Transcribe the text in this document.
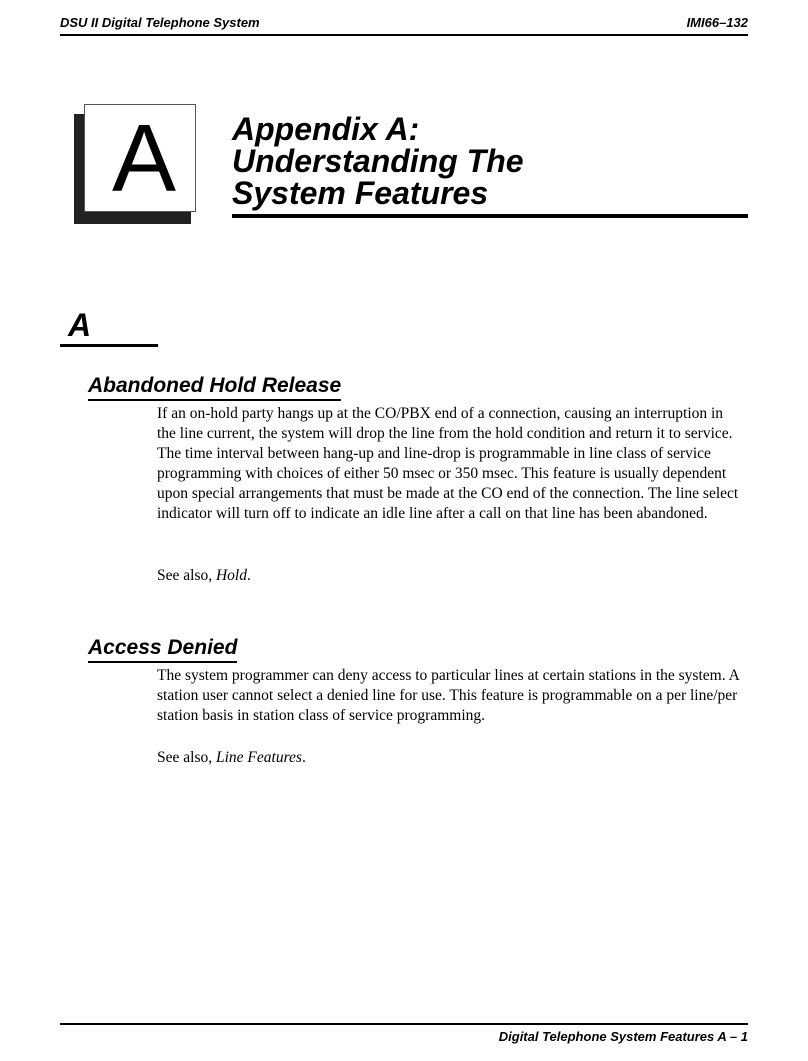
DSU II Digital Telephone System	IMI66–132
A	Appendix A:
Understanding The
System Features
A
Abandoned Hold Release
If an on-hold party hangs up at the CO/PBX end of a connection, causing an interruption in the line current, the system will drop the line from the hold condition and return it to service. The time interval between hang-up and line-drop is programmable in line class of service programming with choices of either 50 msec or 350 msec. This feature is usually dependent upon special arrangements that must be made at the CO end of the connection. The line select indicator will turn off to indicate an idle line after a call on that line has been abandoned.
See also, Hold.
Access Denied
The system programmer can deny access to particular lines at certain stations in the system. A station user cannot select a denied line for use. This feature is programmable on a per line/per station basis in station class of service programming.
See also, Line Features.
Digital Telephone System Features A – 1
